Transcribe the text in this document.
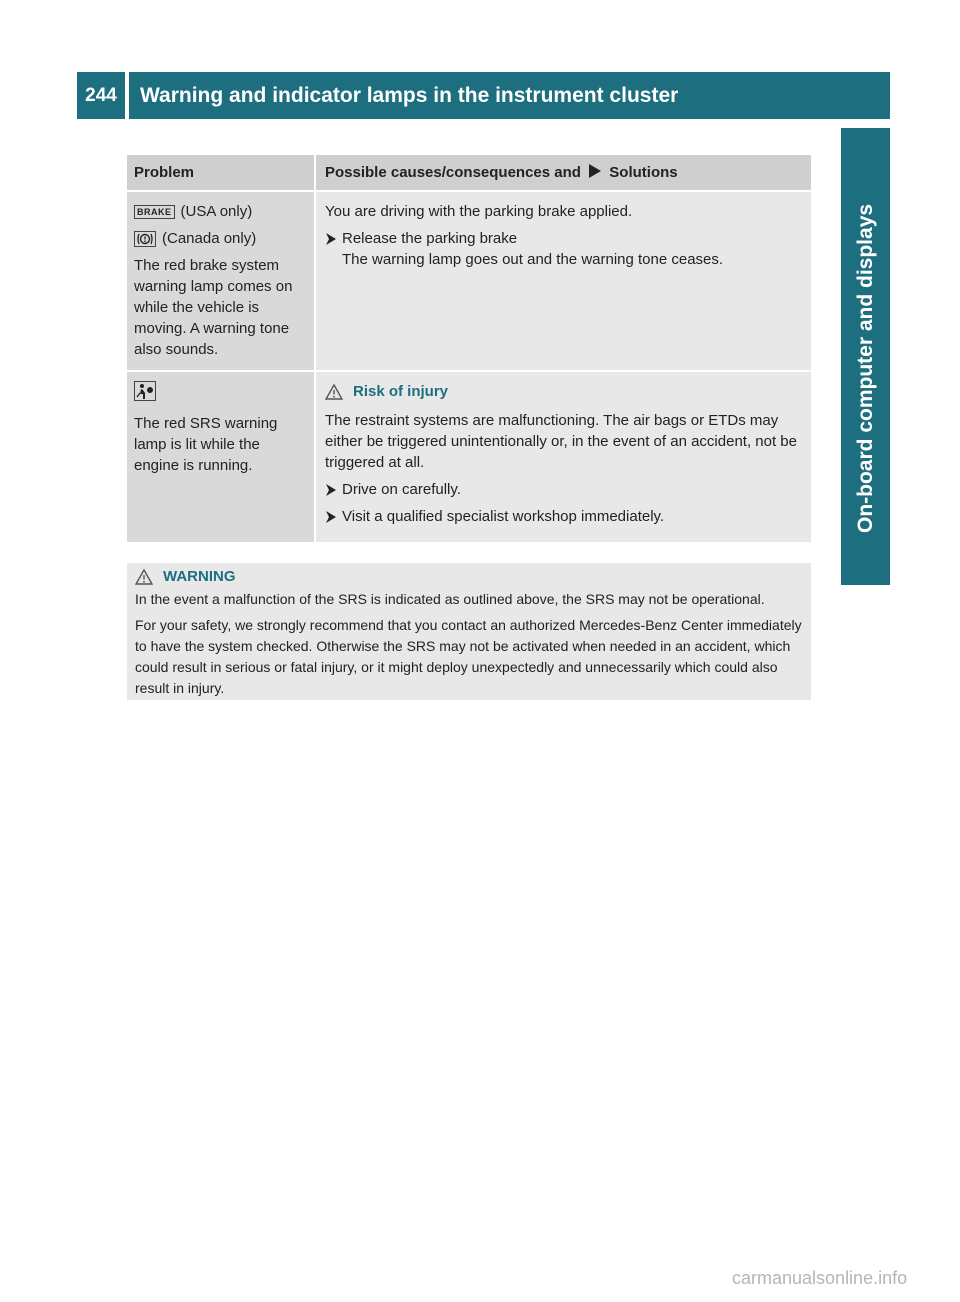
244	Warning and indicator lamps in the instrument cluster
On-board computer and displays
Problem	Possible causes/consequences and Solutions
BRAKE (USA only)
(Canada only)
The red brake system warning lamp comes on while the vehicle is moving. A warning tone also sounds.

You are driving with the parking brake applied.

Release the parking brake
The warning lamp goes out and the warning tone ceases.
The red SRS warning lamp is lit while the engine is running.
Risk of injury

The restraint systems are malfunctioning. The air bags or ETDs may either be triggered unintentionally or, in the event of an accident, not be triggered at all.

Drive on carefully.
Visit a qualified specialist workshop immediately.
WARNING

In the event a malfunction of the SRS is indicated as outlined above, the SRS may not be operational.

For your safety, we strongly recommend that you contact an authorized Mercedes-Benz Center immediately to have the system checked. Otherwise the SRS may not be activated when needed in an accident, which could result in serious or fatal injury, or it might deploy unexpectedly and unnecessarily which could also result in injury.

carmanualsonline.info
